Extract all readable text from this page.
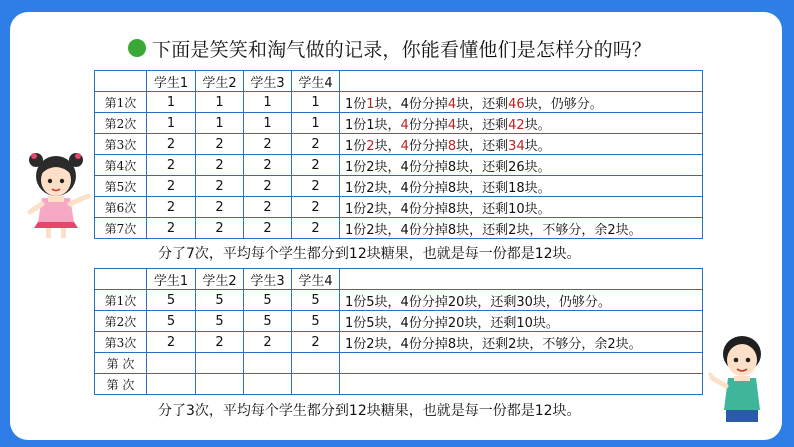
下面是笑笑和淘气做的记录，你能看懂他们是怎样分的吗？
	学生1	学生2	学生3	学生4	
第1次	1	1	1	1	1份1块，4份分掉4块，还剩46块，仍够分。
第2次	1	1	1	1	1份1块，4份分掉4块，还剩42块。
第3次	2	2	2	2	1份2块，4份分掉8块，还剩34块。
第4次	2	2	2	2	1份2块，4份分掉8块，还剩26块。
第5次	2	2	2	2	1份2块，4份分掉8块，还剩18块。
第6次	2	2	2	2	1份2块，4份分掉8块，还剩10块。
第7次	2	2	2	2	1份2块，4份分掉8块，还剩2块，不够分，余2块。
分了7次，平均每个学生都分到12块糖果，也就是每一份都是12块。
	学生1	学生2	学生3	学生4	
第1次	5	5	5	5	1份5块，4份分掉20块，还剩30块，仍够分。
第2次	5	5	5	5	1份5块，4份分掉20块，还剩10块。
第3次	2	2	2	2	1份2块，4份分掉8块，还剩2块，不够分，余2块。
第 次					
第 次					
分了3次，平均每个学生都分到12块糖果，也就是每一份都是12块。
